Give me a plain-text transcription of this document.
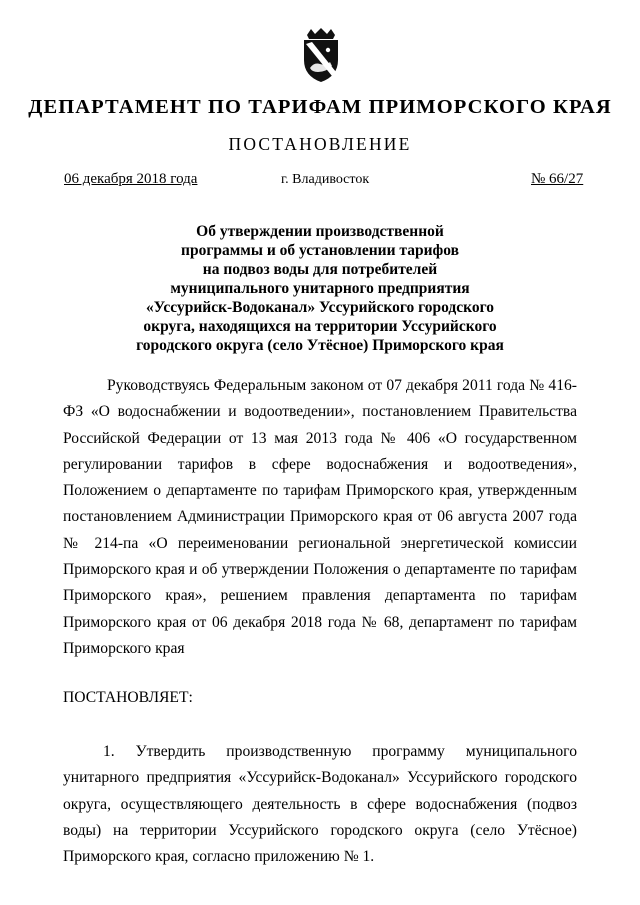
ДЕПАРТАМЕНТ ПО ТАРИФАМ ПРИМОРСКОГО КРАЯ
ПОСТАНОВЛЕНИЕ
06 декабря 2018 года	г. Владивосток	№ 66/27
Об утверждении производственной
программы и об установлении тарифов
на подвоз воды для потребителей
муниципального унитарного предприятия
«Уссурийск-Водоканал» Уссурийского городского
округа, находящихся на территории Уссурийского
городского округа (село Утёсное) Приморского края
Руководствуясь Федеральным законом от 07 декабря 2011 года № 416-ФЗ «О водоснабжении и водоотведении», постановлением Правительства Российской Федерации от 13 мая 2013 года № 406 «О государственном регулировании тарифов в сфере водоснабжения и водоотведения», Положением о департаменте по тарифам Приморского края, утвержденным постановлением Администрации Приморского края от 06 августа 2007 года № 214-па «О переименовании региональной энергетической комиссии Приморского края и об утверждении Положения о департаменте по тарифам Приморского края», решением правления департамента по тарифам Приморского края от 06 декабря 2018 года № 68, департамент по тарифам Приморского края
ПОСТАНОВЛЯЕТ:
1. Утвердить производственную программу муниципального унитарного предприятия «Уссурийск-Водоканал» Уссурийского городского округа, осуществляющего деятельность в сфере водоснабжения (подвоз воды) на территории Уссурийского городского округа (село Утёсное) Приморского края, согласно приложению № 1.
